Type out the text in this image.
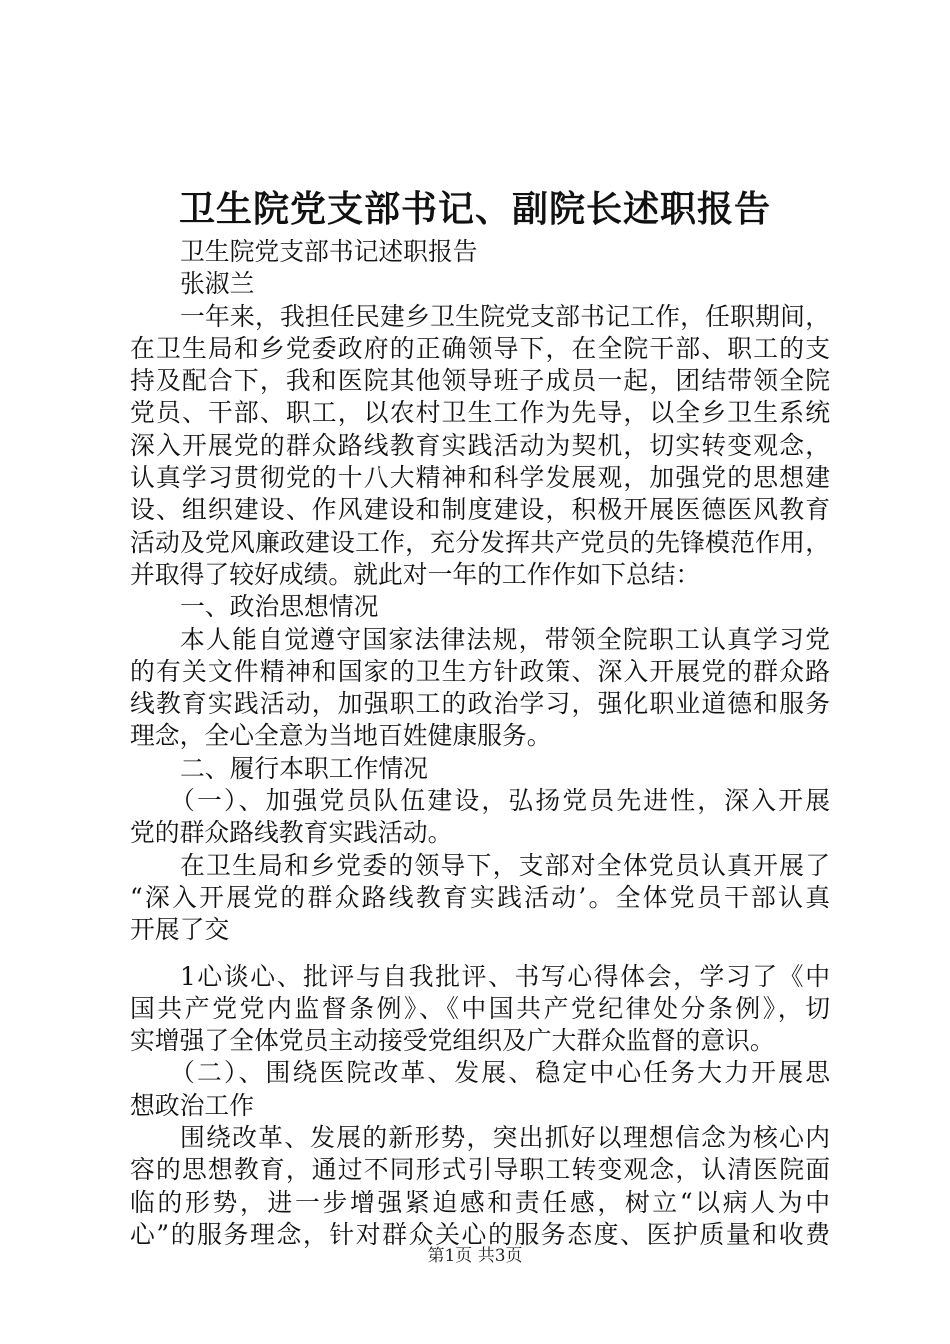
卫生院党支部书记、副院长述职报告
卫生院党支部书记述职报告
张淑兰
一年来，我担任民建乡卫生院党支部书记工作，任职期间，
在卫生局和乡党委政府的正确领导下，在全院干部、职工的支
持及配合下，我和医院其他领导班子成员一起，团结带领全院
党员、干部、职工，以农村卫生工作为先导，以全乡卫生系统
深入开展党的群众路线教育实践活动为契机，切实转变观念，
认真学习贯彻党的十八大精神和科学发展观，加强党的思想建
设、组织建设、作风建设和制度建设，积极开展医德医风教育
活动及党风廉政建设工作，充分发挥共产党员的先锋模范作用，
并取得了较好成绩。就此对一年的工作作如下总结：
一、政治思想情况
本人能自觉遵守国家法律法规，带领全院职工认真学习党
的有关文件精神和国家的卫生方针政策、深入开展党的群众路
线教育实践活动，加强职工的政治学习，强化职业道德和服务
理念，全心全意为当地百姓健康服务。
二、履行本职工作情况
（一）、加强党员队伍建设，弘扬党员先进性，深入开展
党的群众路线教育实践活动。
在卫生局和乡党委的领导下，支部对全体党员认真开展了
“深入开展党的群众路线教育实践活动’。全体党员干部认真
开展了交
1心谈心、批评与自我批评、书写心得体会，学习了《中
国共产党党内监督条例》、《中国共产党纪律处分条例》，切
实增强了全体党员主动接受党组织及广大群众监督的意识。
（二）、围绕医院改革、发展、稳定中心任务大力开展思
想政治工作
围绕改革、发展的新形势，突出抓好以理想信念为核心内
容的思想教育，通过不同形式引导职工转变观念，认清医院面
临的形势，进一步增强紧迫感和责任感，树立“以病人为中
心”的服务理念，针对群众关心的服务态度、医护质量和收费
第1页 共3页
